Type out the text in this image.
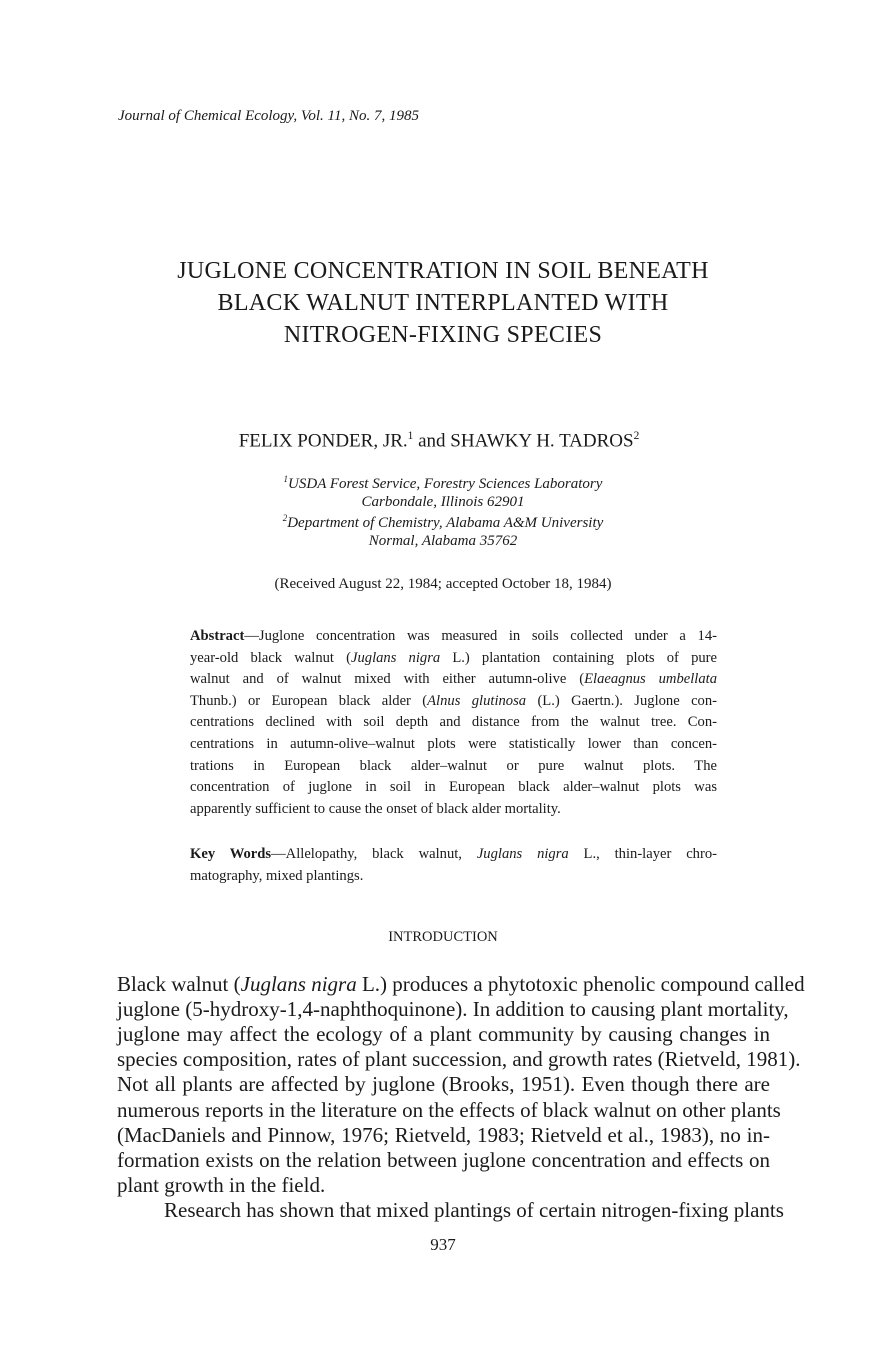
Journal of Chemical Ecology, Vol. 11, No. 7, 1985
JUGLONE CONCENTRATION IN SOIL BENEATH
BLACK WALNUT INTERPLANTED WITH
NITROGEN-FIXING SPECIES
FELIX PONDER, JR.$^1$ and SHAWKY H. TADROS$^2$
$^1$USDA Forest Service, Forestry Sciences Laboratory
Carbondale, Illinois 62901
$^2$Department of Chemistry, Alabama A&M University
Normal, Alabama 35762
(Received August 22, 1984; accepted October 18, 1984)
Abstract—Juglone concentration was measured in soils collected under a 14-
year-old black walnut (Juglans nigra L.) plantation containing plots of pure
walnut and of walnut mixed with either autumn-olive (Elaeagnus umbellata
Thunb.) or European black alder (Alnus glutinosa (L.) Gaertn.). Juglone con-
centrations declined with soil depth and distance from the walnut tree. Con-
centrations in autumn-olive–walnut plots were statistically lower than concen-
trations in European black alder–walnut or pure walnut plots. The
concentration of juglone in soil in European black alder–walnut plots was
apparently sufficient to cause the onset of black alder mortality.
Key Words—Allelopathy, black walnut, Juglans nigra L., thin-layer chro-
matography, mixed plantings.
INTRODUCTION
Black walnut (Juglans nigra L.) produces a phytotoxic phenolic compound called
juglone (5-hydroxy-1,4-naphthoquinone). In addition to causing plant mortality,
juglone may affect the ecology of a plant community by causing changes in
species composition, rates of plant succession, and growth rates (Rietveld, 1981).
Not all plants are affected by juglone (Brooks, 1951). Even though there are
numerous reports in the literature on the effects of black walnut on other plants
(MacDaniels and Pinnow, 1976; Rietveld, 1983; Rietveld et al., 1983), no in-
formation exists on the relation between juglone concentration and effects on
plant growth in the field.
Research has shown that mixed plantings of certain nitrogen-fixing plants
937
